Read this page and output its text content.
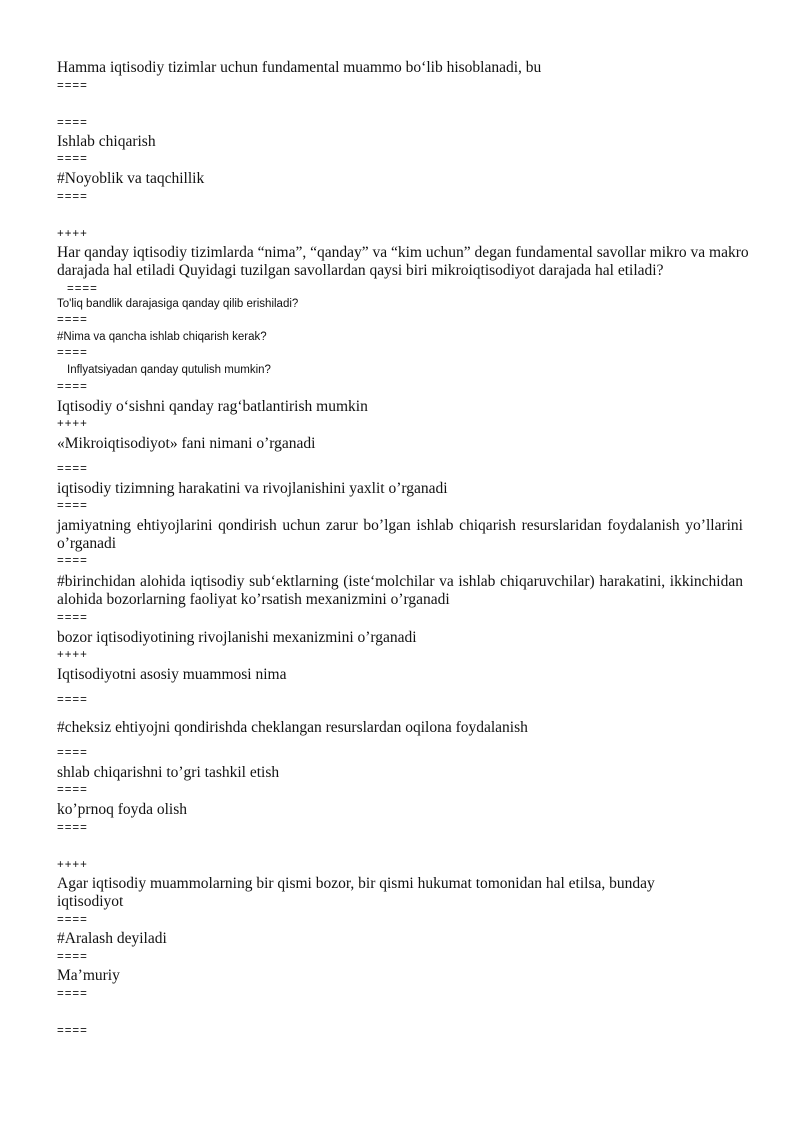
Hamma iqtisodiy tizimlar uchun fundamental muammo boʻlib hisoblanadi, bu

====

====

Ishlab chiqarish

====

#Noyoblik va taqchillik

====

++++

Har qanday iqtisodiy tizimlarda “nima”, “qanday” va “kim uchun” degan fundamental savollar mikro va makro darajada hal etiladi Quyidagi tuzilgan savollardan qaysi biri mikroiqtisodiyot darajada hal etiladi?

====

To'liq bandlik darajasiga qanday qilib erishiladi?

====

#Nima va qancha ishlab chiqarish kerak?

====

Inflyatsiyadan qanday qutulish mumkin?

====

Iqtisodiy oʻsishni qanday ragʻbatlantirish mumkin

++++

«Mikroiqtisodiyot» fani nimani o’rganadi

====

iqtisodiy tizimning harakatini va rivojlanishini yaxlit o’rganadi

====

jamiyatning ehtiyojlarini qondirish uchun zarur bo’lgan ishlab chiqarish resurslaridan foydalanish yo’llarini o’rganadi

====

#birinchidan alohida iqtisodiy subʻektlarning (isteʻmolchilar va ishlab chiqaruvchilar) harakatini, ikkinchidan alohida bozorlarning faoliyat ko’rsatish mexanizmini o’rganadi

====

bozor iqtisodiyotining rivojlanishi mexanizmini o’rganadi

++++

Iqtisodiyotni asosiy muammosi nima

====

#cheksiz ehtiyojni qondirishda cheklangan resurslardan oqilona foydalanish

====

shlab chiqarishni to’gri tashkil etish

====

ko’prnoq foyda olish

====

++++

Agar iqtisodiy muammolarning bir qismi bozor, bir qismi hukumat tomonidan hal etilsa, bunday iqtisodiyot

====

#Aralash deyiladi

====

Ma’muriy

====

====
